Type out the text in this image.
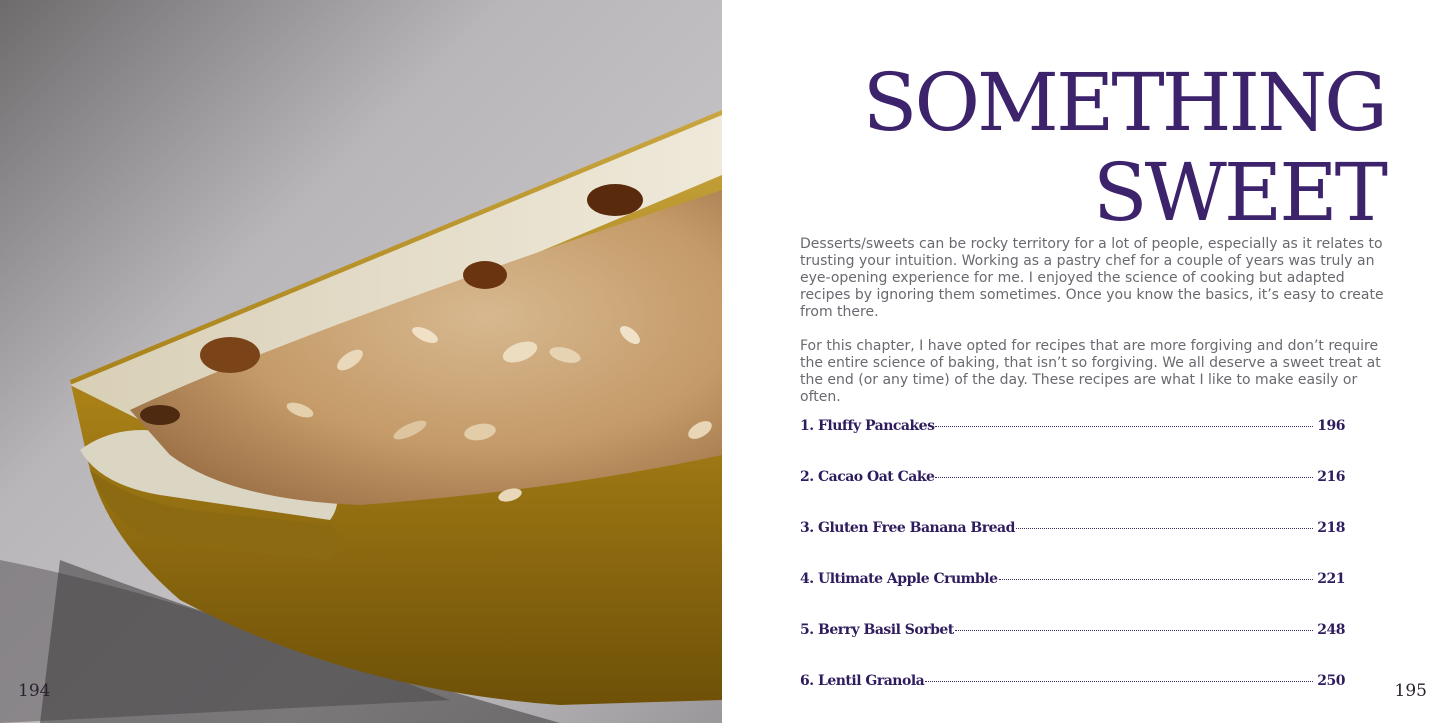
194
SOMETHING
SWEET

Desserts/sweets can be rocky territory for a lot of people, especially as it relates to trusting your intuition. Working as a pastry chef for a couple of years was truly an eye-opening experience for me. I enjoyed the science of cooking but adapted recipes by ignoring them sometimes. Once you know the basics, it’s easy to create from there.

For this chapter, I have opted for recipes that are more forgiving and don’t require the entire science of baking, that isn’t so forgiving. We all deserve a sweet treat at the end (or any time) of the day. These recipes are what I like to make easily or often.

1. Fluffy Pancakes	196
2. Cacao Oat Cake	216
3. Gluten Free Banana Bread	218
4. Ultimate Apple Crumble	221
5. Berry Basil Sorbet	248
6. Lentil Granola	250	195
